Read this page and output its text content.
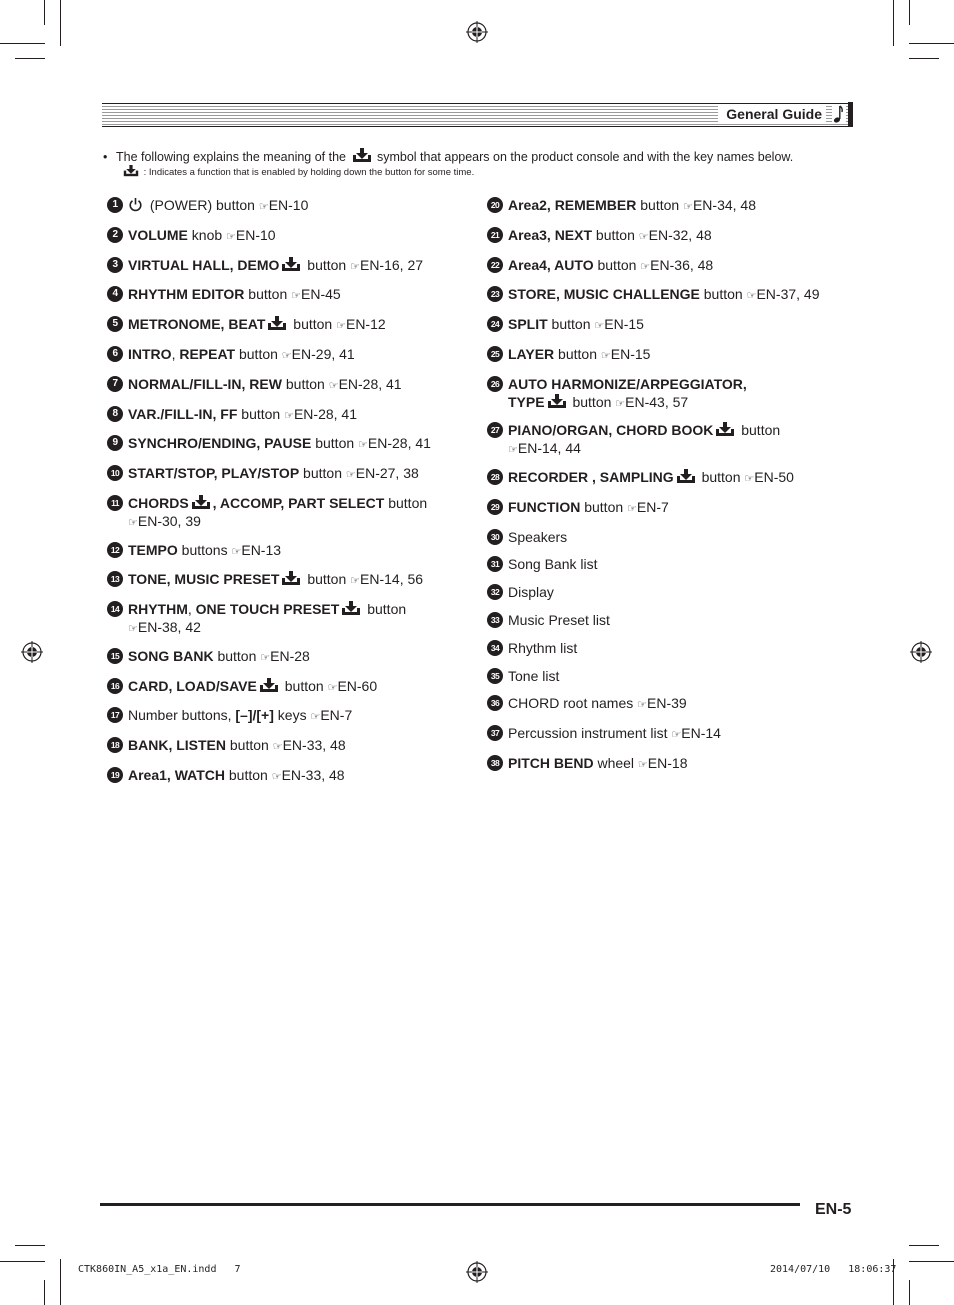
General Guide
• The following explains the meaning of the symbol that appears on the product console and with the key names below.
: Indicates a function that is enabled by holding down the button for some time.
1	(POWER) button ☞EN-10
2 VOLUME knob ☞EN-10
3 VIRTUAL HALL, DEMO button ☞EN-16, 27
4 RHYTHM EDITOR button ☞EN-45
5 METRONOME, BEAT button ☞EN-12
6 INTRO, REPEAT button ☞EN-29, 41
7 NORMAL/FILL-IN, REW button ☞EN-28, 41
8 VAR./FILL-IN, FF button ☞EN-28, 41
9 SYNCHRO/ENDING, PAUSE button ☞EN-28, 41
10 START/STOP, PLAY/STOP button ☞EN-27, 38
11 CHORDS , ACCOMP, PART SELECT button
☞EN-30, 39
12 TEMPO buttons ☞EN-13
13 TONE, MUSIC PRESET button ☞EN-14, 56
14 RHYTHM, ONE TOUCH PRESET button
☞EN-38, 42
15 SONG BANK button ☞EN-28
16 CARD, LOAD/SAVE button ☞EN-60
17 Number buttons, [–]/[+] keys ☞EN-7
18 BANK, LISTEN button ☞EN-33, 48
19 Area1, WATCH button ☞EN-33, 48
20 Area2, REMEMBER button ☞EN-34, 48
21 Area3, NEXT button ☞EN-32, 48
22 Area4, AUTO button ☞EN-36, 48
23 STORE, MUSIC CHALLENGE button ☞EN-37, 49
24 SPLIT button ☞EN-15
25 LAYER button ☞EN-15
26 AUTO HARMONIZE/ARPEGGIATOR,
TYPE button ☞EN-43, 57
27 PIANO/ORGAN, CHORD BOOK button
☞EN-14, 44
28 RECORDER , SAMPLING button ☞EN-50
29 FUNCTION button ☞EN-7
30 Speakers
31 Song Bank list
32 Display
33 Music Preset list
34 Rhythm list
35 Tone list
36 CHORD root names ☞EN-39
37 Percussion instrument list ☞EN-14
38 PITCH BEND wheel ☞EN-18
EN-5
CTK860IN_A5_x1a_EN.indd   7	2014/07/10   18:06:37
